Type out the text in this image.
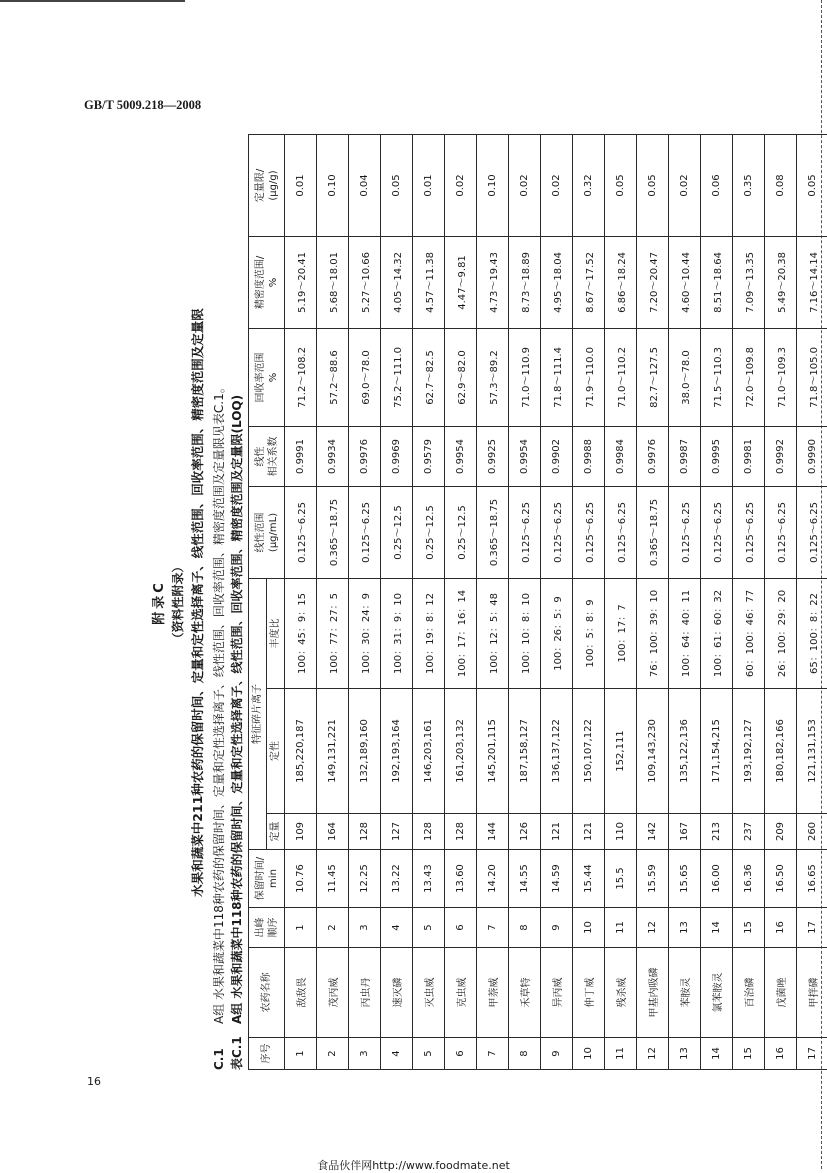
GB/T 5009.218—2008
附录C （资料性附录） 水果和蔬菜中211种农药的保留时间、定量和定性选择离子、线性范围、回收率范围、精密度范围及定量限
C.1A组 水果和蔬菜中118种农药的保留时间、定量和定性选择离子、线性范围、回收率范围、精密度范围及定量限见表C.1。
表C.1A组 水果和蔬菜中118种农药的保留时间、定量和定性选择离子、线性范围、回收率范围、精密度范围及定量限(LOQ)
序号	农药名称	出峰 顺序	保留时间/ min	特征碎片离子			线性范围 (μg/mL)	线性 相关系数	回收率范围 %	精密度范围/ %	定量限/ (μg/g)
				定量	定性	丰度比					
1	敌敌畏	1	10.76	109	185,220,187	100：45：9：15	0.125～6.25	0.9991	71.2～108.2	5.19～20.41	0.01
2	茂丙威	2	11.45	164	149,131,221	100：77：27：5	0.365～18.75	0.9934	57.2～88.6	5.68～18.01	0.10
3	丙虫丹	3	12.25	128	132,189,160	100：30：24：9	0.125～6.25	0.9976	69.0～78.0	5.27～10.66	0.04
4	速灭磷	4	13.22	127	192,193,164	100：31：9：10	0.25～12.5	0.9969	75.2～111.0	4.05～14.32	0.05
5	灭虫威	5	13.43	128	146,203,161	100：19：8：12	0.25～12.5	0.9579	62.7～82.5	4.57～11.38	0.01
6	克虫威	6	13.60	128	161,203,132	100：17：16：14	0.25～12.5	0.9954	62.9～82.0	4.47～9.81	0.02
7	甲萘威	7	14.20	144	145,201,115	100：12：5：48	0.365～18.75	0.9925	57.3～89.2	4.73～19.43	0.10
8	禾草特	8	14.55	126	187,158,127	100：10：8：10	0.125～6.25	0.9954	71.0～110.9	8.73～18.89	0.02
9	异丙威	9	14.59	121	136,137,122	100：26：5：9	0.125～6.25	0.9902	71.8～111.4	4.95～18.04	0.02
10	仲丁威	10	15.44	121	150,107,122	100：5：8：9	0.125～6.25	0.9988	71.9～110.0	8.67～17.52	0.32
11	残杀威	11	15.5	110	152,111	100：17：7	0.125～6.25	0.9984	71.0～110.2	6.86～18.24	0.05
12	甲基内吸磷	12	15.59	142	109,143,230	76：100：39：10	0.365～18.75	0.9976	82.7～127.5	7.20～20.47	0.05
13	苯胺灵	13	15.65	167	135,122,136	100：64：40：11	0.125～6.25	0.9987	38.0～78.0	4.60～10.44	0.02
14	氯苯胺灵	14	16.00	213	171,154,215	100：61：60：32	0.125～6.25	0.9995	71.5～110.3	8.51～18.64	0.06
15	百治磷	15	16.36	237	193,192,127	60：100：46：77	0.125～6.25	0.9981	72.0～109.8	7.09～13.35	0.35
16	戊菌唑	16	16.50	209	180,182,166	26：100：29：20	0.125～6.25	0.9992	71.0～109.3	5.49～20.38	0.08
17	甲拌磷	17	16.65	260	121,131,153	65：100：8：22	0.125～6.25	0.9990	71.8～105.0	7.16～14.14	0.05
16
食品伙伴网http://www.foodmate.net
